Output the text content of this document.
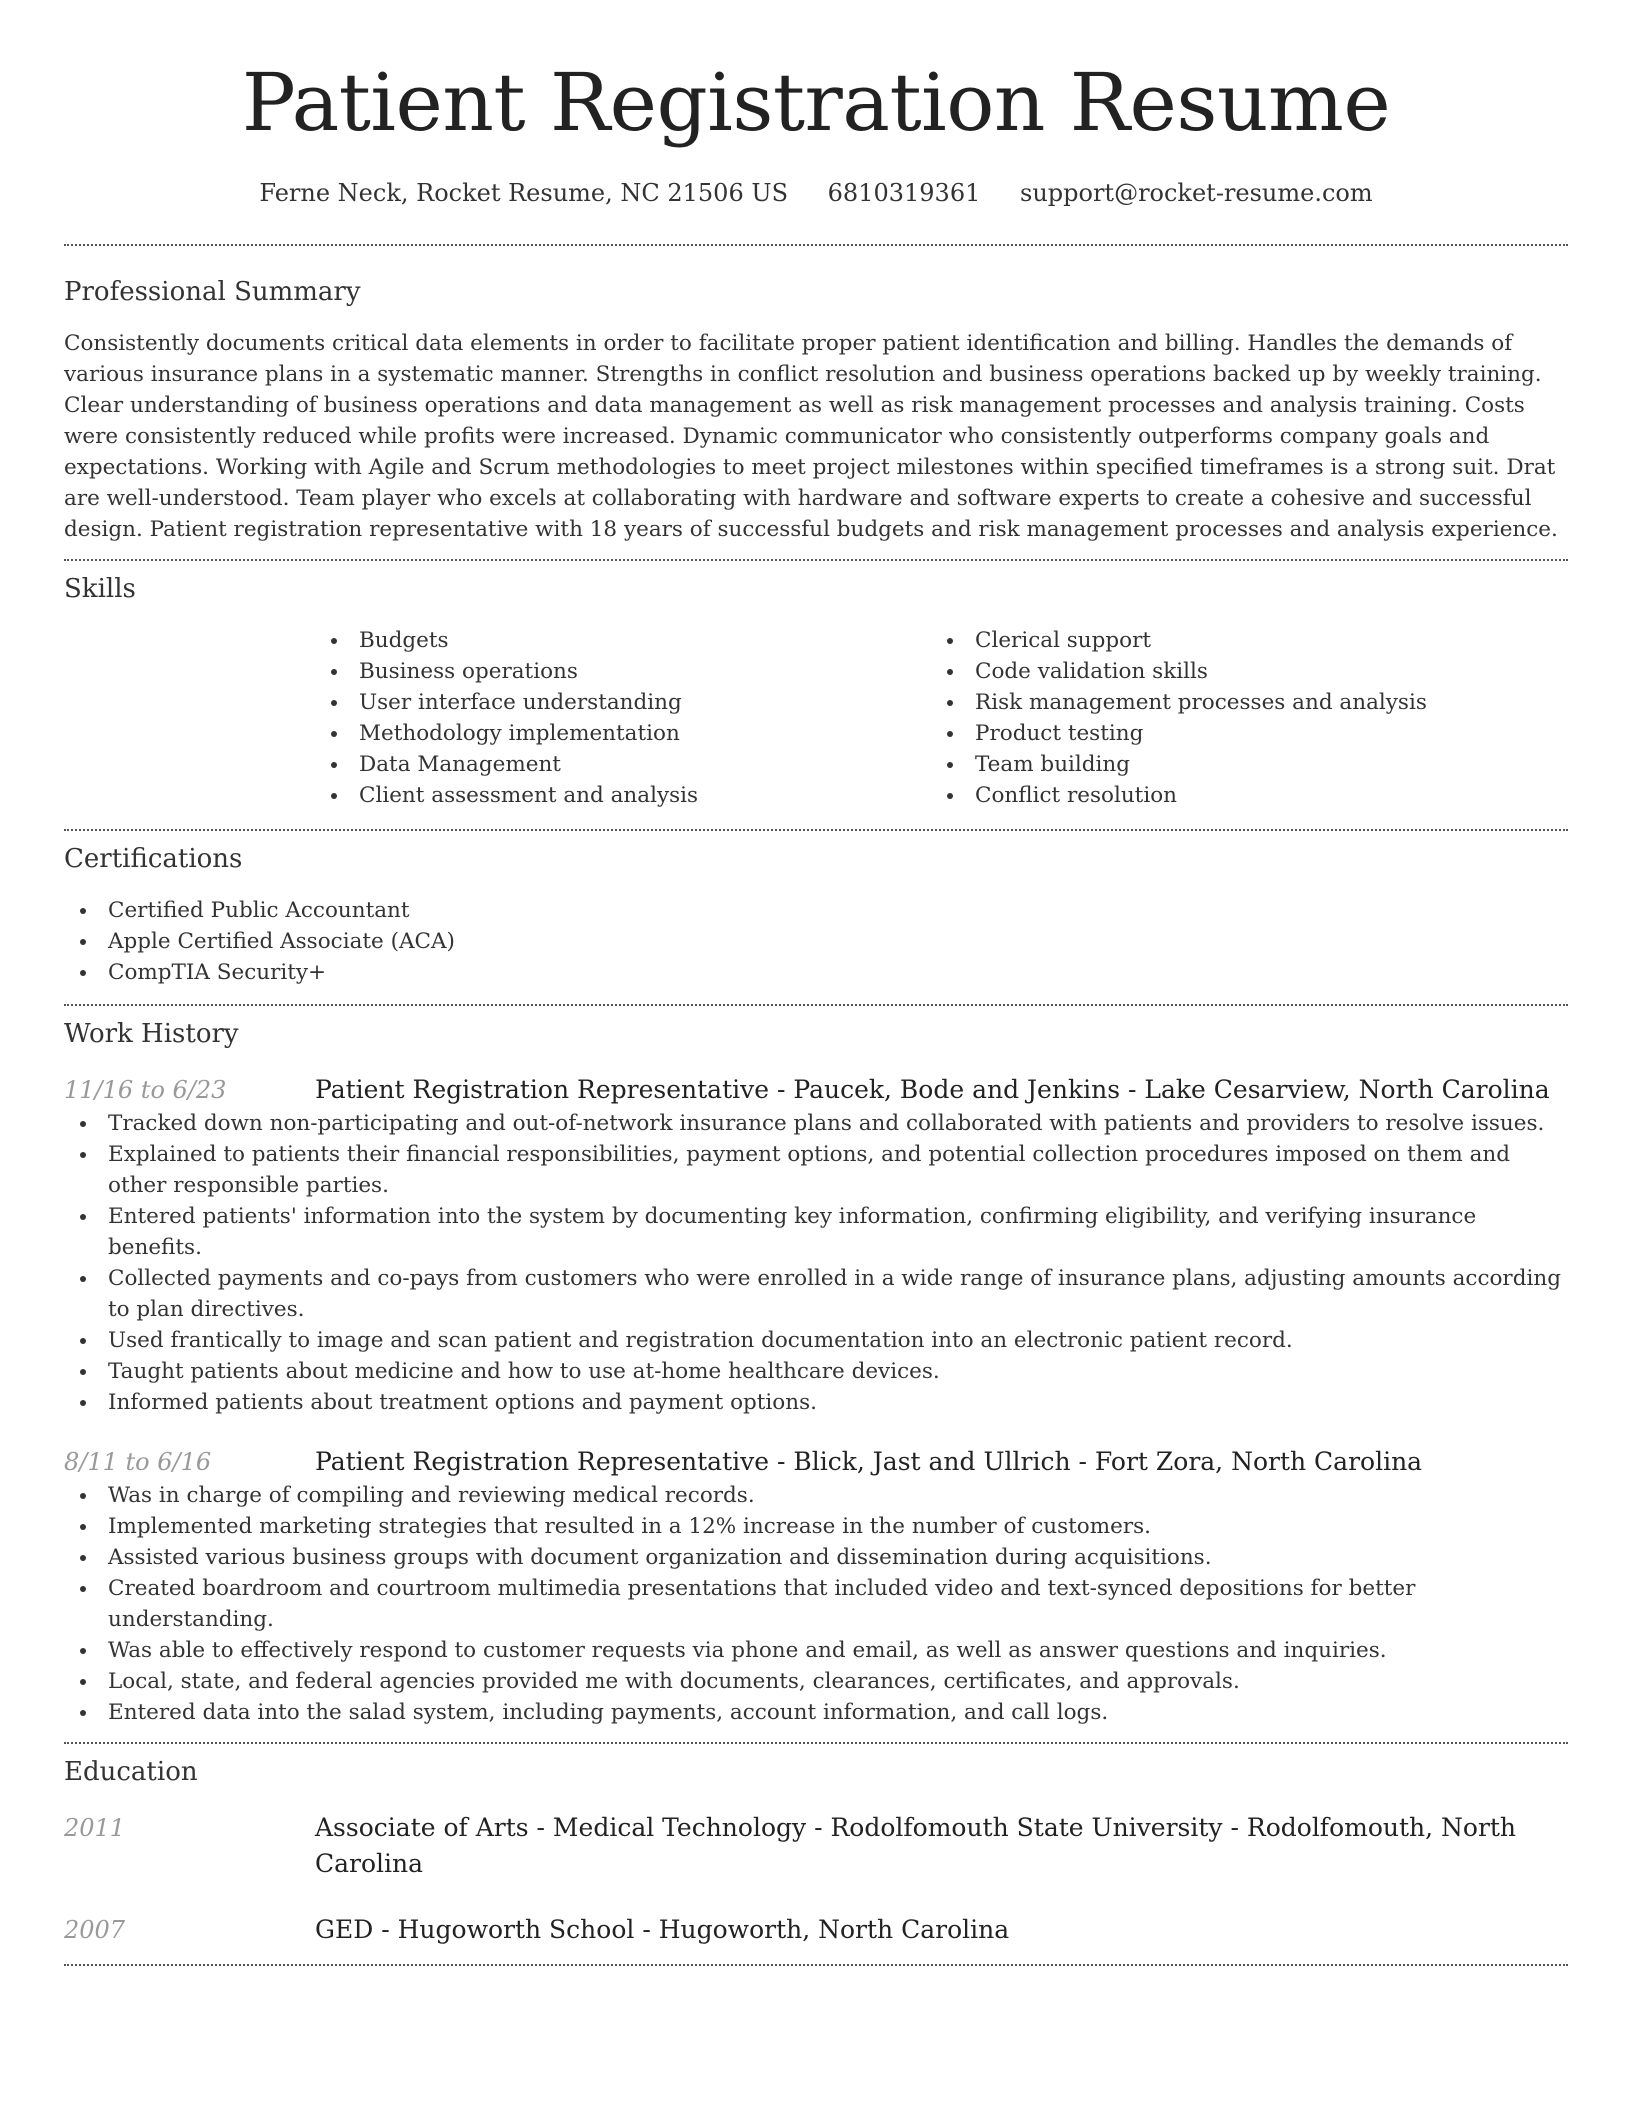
Patient Registration Resume
Ferne Neck, Rocket Resume, NC 21506 US 6810319361 support@rocket-resume.com
Professional Summary

Consistently documents critical data elements in order to facilitate proper patient identification and billing. Handles the demands of various insurance plans in a systematic manner. Strengths in conflict resolution and business operations backed up by weekly training. Clear understanding of business operations and data management as well as risk management processes and analysis training. Costs were consistently reduced while profits were increased. Dynamic communicator who consistently outperforms company goals and expectations. Working with Agile and Scrum methodologies to meet project milestones within specified timeframes is a strong suit. Drat are well-understood. Team player who excels at collaborating with hardware and software experts to create a cohesive and successful design. Patient registration representative with 18 years of successful budgets and risk management processes and analysis experience.

Skills
Budgets
Business operations
User interface understanding
Methodology implementation
Data Management
Client assessment and analysis
Clerical support
Code validation skills
Risk management processes and analysis
Product testing
Team building
Conflict resolution
Certifications
Certified Public Accountant
Apple Certified Associate (ACA)
CompTIA Security+
Work History
11/16 to 6/23	Patient Registration Representative - Paucek, Bode and Jenkins - Lake Cesarview, North Carolina
Tracked down non-participating and out-of-network insurance plans and collaborated with patients and providers to resolve issues.
Explained to patients their financial responsibilities, payment options, and potential collection procedures imposed on them and other responsible parties.
Entered patients' information into the system by documenting key information, confirming eligibility, and verifying insurance benefits.
Collected payments and co-pays from customers who were enrolled in a wide range of insurance plans, adjusting amounts according to plan directives.
Used frantically to image and scan patient and registration documentation into an electronic patient record.
Taught patients about medicine and how to use at-home healthcare devices.
Informed patients about treatment options and payment options.
8/11 to 6/16	Patient Registration Representative - Blick, Jast and Ullrich - Fort Zora, North Carolina
Was in charge of compiling and reviewing medical records.
Implemented marketing strategies that resulted in a 12% increase in the number of customers.
Assisted various business groups with document organization and dissemination during acquisitions.
Created boardroom and courtroom multimedia presentations that included video and text-synced depositions for better understanding.
Was able to effectively respond to customer requests via phone and email, as well as answer questions and inquiries.
Local, state, and federal agencies provided me with documents, clearances, certificates, and approvals.
Entered data into the salad system, including payments, account information, and call logs.
Education
2011	Associate of Arts - Medical Technology - Rodolfomouth State University - Rodolfomouth, North Carolina
2007	GED - Hugoworth School - Hugoworth, North Carolina
